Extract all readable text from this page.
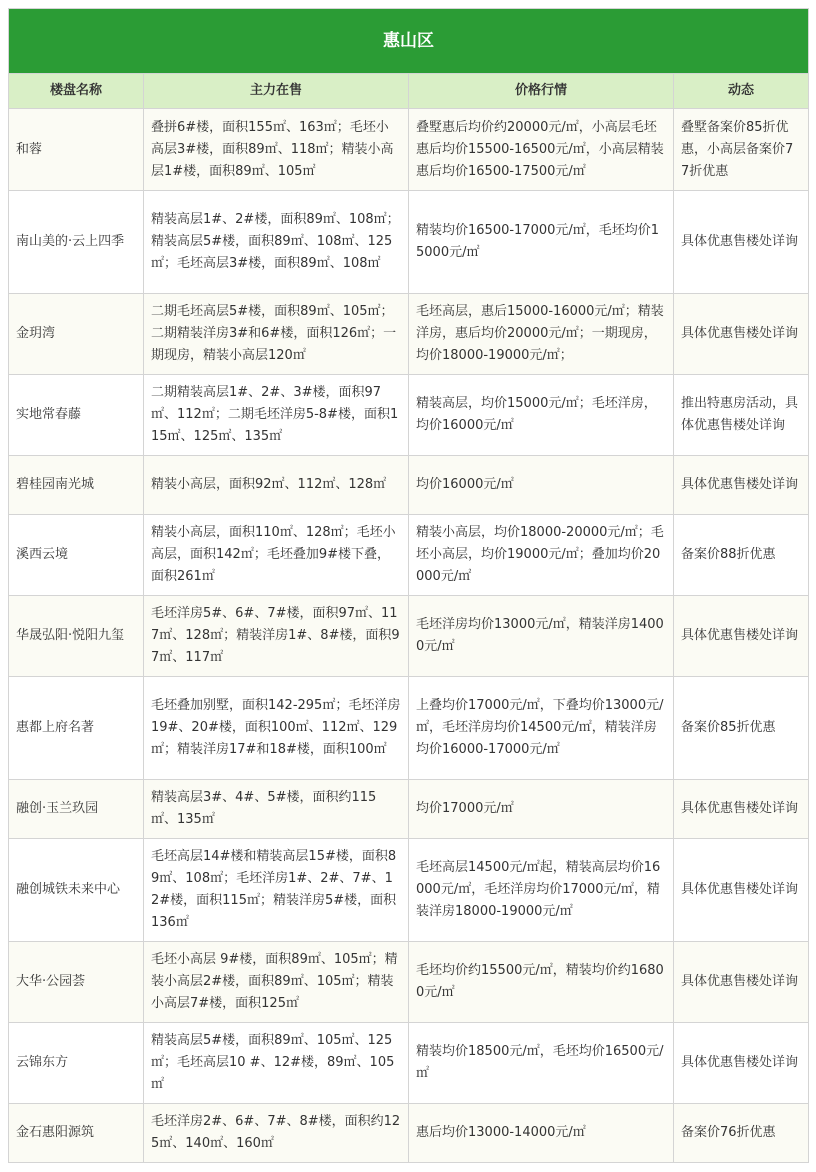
惠山区			
楼盘名称	主力在售	价格行情	动态
和蓉	叠拼6#楼，面积155㎡、163㎡；毛坯小高层3#楼，面积89㎡、118㎡；精装小高层1#楼，面积89㎡、105㎡	叠墅惠后均价约20000元/㎡，小高层毛坯惠后均价15500-16500元/㎡，小高层精装惠后均价16500-17500元/㎡	叠墅备案价85折优惠，小高层备案价77折优惠
南山美的·云上四季	精装高层1#、2#楼，面积89㎡、108㎡；精装高层5#楼，面积89㎡、108㎡、125㎡；毛坯高层3#楼，面积89㎡、108㎡	精装均价16500-17000元/㎡，毛坯均价15000元/㎡	具体优惠售楼处详询
金玥湾	二期毛坯高层5#楼，面积89㎡、105㎡；二期精装洋房3#和6#楼，面积126㎡；一期现房，精装小高层120㎡	毛坯高层，惠后15000-16000元/㎡；精装洋房，惠后均价20000元/㎡；一期现房，均价18000-19000元/㎡；	具体优惠售楼处详询
实地常春藤	二期精装高层1#、2#、3#楼，面积97㎡、112㎡；二期毛坯洋房5-8#楼，面积115㎡、125㎡、135㎡	精装高层，均价15000元/㎡；毛坯洋房，均价16000元/㎡	推出特惠房活动，具体优惠售楼处详询
碧桂园南光城	精装小高层，面积92㎡、112㎡、128㎡	均价16000元/㎡	具体优惠售楼处详询
溪西云境	精装小高层，面积110㎡、128㎡；毛坯小高层，面积142㎡；毛坯叠加9#楼下叠，面积261㎡	精装小高层，均价18000-20000元/㎡；毛坯小高层，均价19000元/㎡；叠加均价20000元/㎡	备案价88折优惠
华晟弘阳·悦阳九玺	毛坯洋房5#、6#、7#楼，面积97㎡、117㎡、128㎡；精装洋房1#、8#楼，面积97㎡、117㎡	毛坯洋房均价13000元/㎡，精装洋房14000元/㎡	具体优惠售楼处详询
惠都上府名著	毛坯叠加别墅，面积142-295㎡；毛坯洋房19#、20#楼，面积100㎡、112㎡、129㎡；精装洋房17#和18#楼，面积100㎡	上叠均价17000元/㎡，下叠均价13000元/㎡，毛坯洋房均价14500元/㎡，精装洋房均价16000-17000元/㎡	备案价85折优惠
融创·玉兰玖园	精装高层3#、4#、5#楼，面积约115㎡、135㎡	均价17000元/㎡	具体优惠售楼处详询
融创城铁未来中心	毛坯高层14#楼和精装高层15#楼，面积89㎡、108㎡；毛坯洋房1#、2#、7#、12#楼，面积115㎡；精装洋房5#楼，面积136㎡	毛坯高层14500元/㎡起，精装高层均价16000元/㎡，毛坯洋房均价17000元/㎡，精装洋房18000-19000元/㎡	具体优惠售楼处详询
大华·公园荟	毛坯小高层 9#楼，面积89㎡、105㎡；精装小高层2#楼，面积89㎡、105㎡；精装小高层7#楼，面积125㎡	毛坯均价约15500元/㎡，精装均价约16800元/㎡	具体优惠售楼处详询
云锦东方	精装高层5#楼，面积89㎡、105㎡、125㎡；毛坯高层10 #、12#楼，89㎡、105㎡	精装均价18500元/㎡，毛坯均价16500元/㎡	具体优惠售楼处详询
金石惠阳源筑	毛坯洋房2#、6#、7#、8#楼，面积约125㎡、140㎡、160㎡	惠后均价13000-14000元/㎡	备案价76折优惠
